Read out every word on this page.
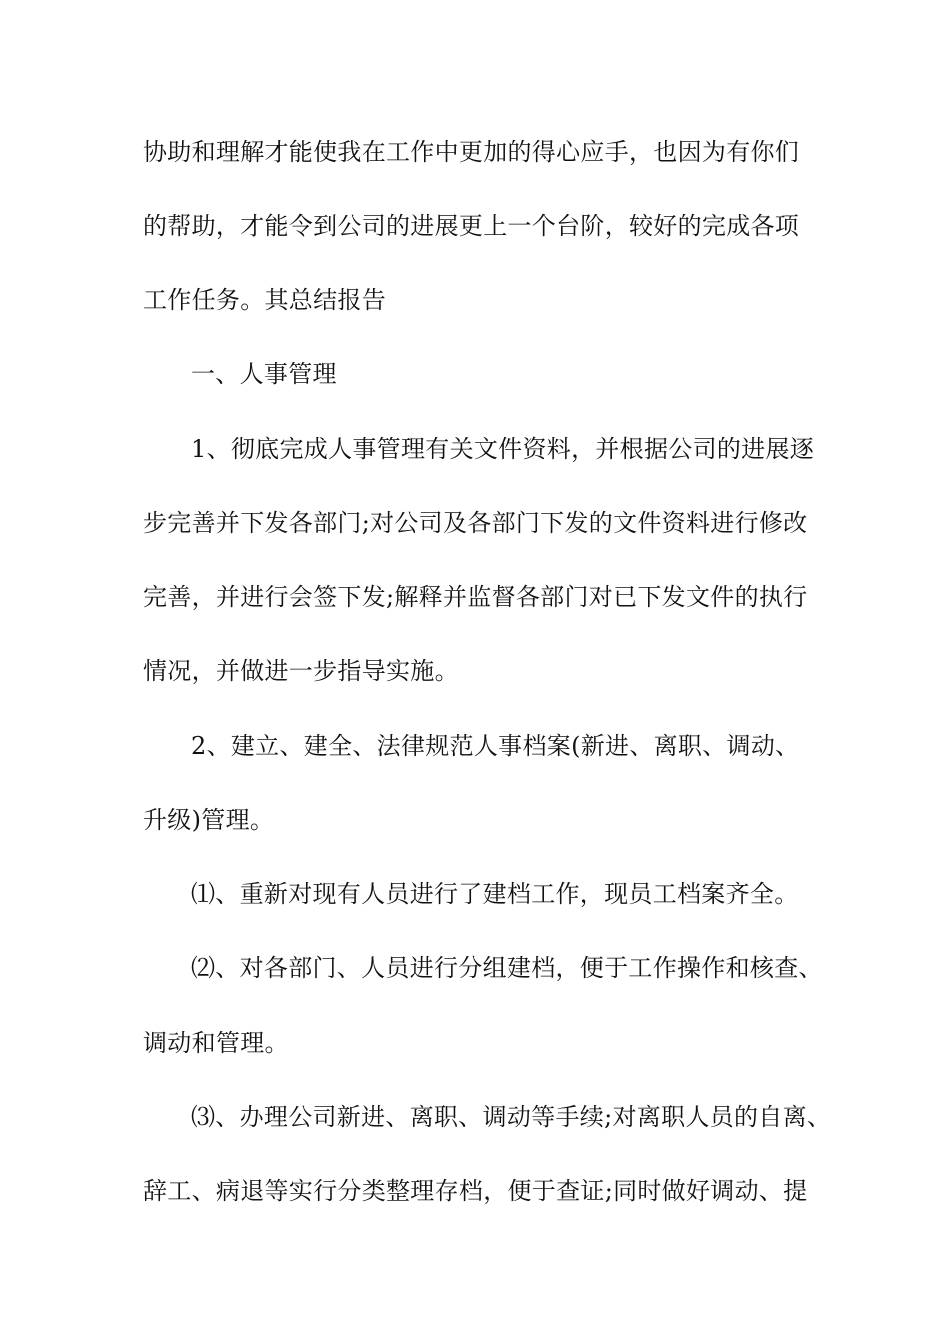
协助和理解才能使我在工作中更加的得心应手，也因为有你们
的帮助，才能令到公司的进展更上一个台阶，较好的完成各项
工作任务。其总结报告
一、人事管理
1、彻底完成人事管理有关文件资料，并根据公司的进展逐
步完善并下发各部门;对公司及各部门下发的文件资料进行修改
完善，并进行会签下发;解释并监督各部门对已下发文件的执行
情况，并做进一步指导实施。
2、建立、建全、法律规范人事档案(新进、离职、调动、
升级)管理。
⑴、重新对现有人员进行了建档工作，现员工档案齐全。
⑵、对各部门、人员进行分组建档，便于工作操作和核查、
调动和管理。
⑶、办理公司新进、离职、调动等手续;对离职人员的自离、
辞工、病退等实行分类整理存档，便于查证;同时做好调动、提
